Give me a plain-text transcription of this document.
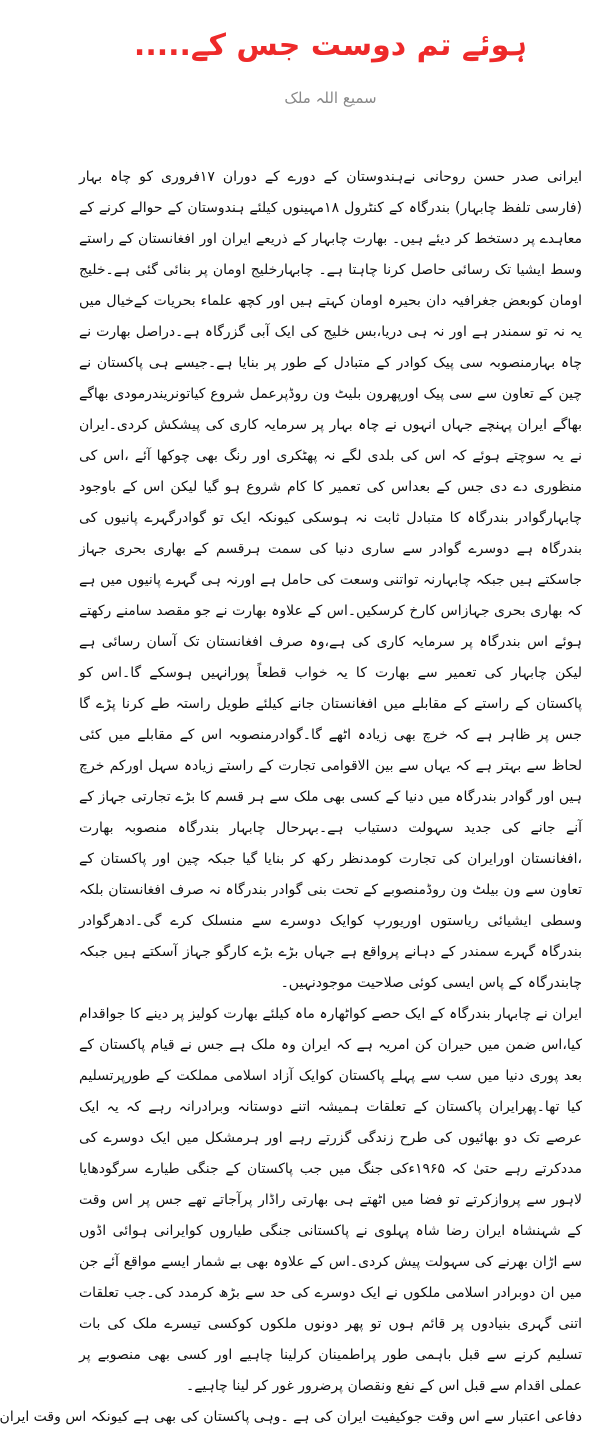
ہوئے تم دوست جس کے.....
سمیع اللہ ملک

ایرانی صدر حسن روحانی نےہندوستان کے دورے کے دوران ۱۷فروری کو چاہ بہار (فارسی تلفظ چابہار) بندرگاہ کے کنٹرول ۱۸مہینوں کیلئے ہندوستان کے حوالے کرنے کے معاہدے پر دستخط کر دیئے ہیں۔ بھارت چابہار کے ذریعے ایران اور افغانستان کے راستے وسط ایشیا تک رسائی حاصل کرنا چاہتا ہے۔ چابہارخلیج اومان پر بنائی گئی ہے۔خلیج اومان کوبعض جغرافیہ دان بحیرہ اومان کہتے ہیں اور کچھ علماء بحریات کےخیال میں یہ نہ تو سمندر ہے اور نہ ہی دریا،بس خلیج کی ایک آبی گزرگاہ ہے۔دراصل بھارت نے چاہ بہارمنصوبہ سی پیک کوادر کے متبادل کے طور پر بنایا ہے۔جیسے ہی پاکستان نے چین کے تعاون سے سی پیک اورپھرون بلیٹ ون روڈپرعمل شروع کیاتونریندرمودی بھاگے بھاگے ایران پہنچے جہاں انہوں نے چاہ بہار پر سرمایہ کاری کی پیشکش کردی۔ایران نے یہ سوچتے ہوئے کہ اس کی بلدی لگے نہ پھٹکری اور رنگ بھی چوکھا آئے ،اس کی منظوری دے دی جس کے بعداس کی تعمیر کا کام شروع ہو گیا لیکن اس کے باوجود چابہارگوادر بندرگاہ کا متبادل ثابت نہ ہوسکی کیونکہ ایک تو گوادرگہرے پانیوں کی بندرگاہ ہے دوسرے گوادر سے ساری دنیا کی سمت ہرقسم کے بھاری بحری جہاز جاسکتے ہیں جبکہ چابہارنہ تواتنی وسعت کی حامل ہے اورنہ ہی گہرے پانیوں میں ہے کہ بھاری بحری جہازاس کارخ کرسکیں۔اس کے علاوہ بھارت نے جو مقصد سامنے رکھتے ہوئے اس بندرگاہ پر سرمایہ کاری کی ہے،وہ صرف افغانستان تک آسان رسائی ہے لیکن چابہار کی تعمیر سے بھارت کا یہ خواب قطعاً پورانہیں ہوسکے گا۔اس کو پاکستان کے راستے کے مقابلے میں افغانستان جانے کیلئے طویل راستہ طے کرنا پڑے گا جس پر ظاہر ہے کہ خرچ بھی زیادہ اٹھے گا۔گوادرمنصوبہ اس کے مقابلے میں کئی لحاظ سے بہتر ہے کہ یہاں سے بین الاقوامی تجارت کے راستے زیادہ سہل اورکم خرچ ہیں اور گوادر بندرگاہ میں دنیا کے کسی بھی ملک سے ہر قسم کا بڑے تجارتی جہاز کے آنے جانے کی جدید سہولت دستیاب ہے۔بہرحال چابہار بندرگاہ منصوبہ بھارت ،افغانستان اورایران کی تجارت کومدنظر رکھ کر بنایا گیا جبکہ چین اور پاکستان کے تعاون سے ون بیلٹ ون روڈمنصوبے کے تحت بنی گوادر بندرگاہ نہ صرف افغانستان بلکہ وسطی ایشیائی ریاستوں اوریورپ کوایک دوسرے سے منسلک کرے گی۔ادھرگوادر بندرگاہ گہرے سمندر کے دہانے پرواقع ہے جہاں بڑے بڑے کارگو جہاز آسکتے ہیں جبکہ چابندرگاہ کے پاس ایسی کوئی صلاحیت موجودنہیں۔

ایران نے چابہار بندرگاہ کے ایک حصے کواٹھارہ ماہ کیلئے بھارت کولیز پر دینے کا جواقدام کیا،اس ضمن میں حیران کن امریہ ہے کہ ایران وہ ملک ہے جس نے قیام پاکستان کے بعد پوری دنیا میں سب سے پہلے پاکستان کوایک آزاد اسلامی مملکت کے طورپرتسلیم کیا تھا۔پھرایران پاکستان کے تعلقات ہمیشہ اتنے دوستانہ وبرادرانہ رہے کہ یہ ایک عرصے تک دو بھائیوں کی طرح زندگی گزرتے رہے اور ہرمشکل میں ایک دوسرے کی مددکرتے رہے حتیٰ کہ ۱۹۶۵ءکی جنگ میں جب پاکستان کے جنگی طیارے سرگودھایا لاہور سے پروازکرتے تو فضا میں اٹھتے ہی بھارتی راڈار پرآجاتے تھے جس پر اس وقت کے شہنشاہ ایران رضا شاہ پہلوی نے پاکستانی جنگی طیاروں کوایرانی ہوائی اڈوں سے اڑان بھرنے کی سہولت پیش کردی۔اس کے علاوہ بھی بے شمار ایسے مواقع آئے جن میں ان دوبرادر اسلامی ملکوں نے ایک دوسرے کی حد سے بڑھ کرمدد کی۔جب تعلقات اتنی گہری بنیادوں پر قائم ہوں تو پھر دونوں ملکوں کوکسی تیسرے ملک کی بات تسلیم کرنے سے قبل باہمی طور پراطمینان کرلینا چاہیے اور کسی بھی منصوبے پر عملی اقدام سے قبل اس کے نفع ونقصان پرضرور غور کر لینا چاہیے۔

دفاعی اعتبار سے اس وقت جوکیفیت ایران کی ہے ۔وہی پاکستان کی بھی ہے کیونکہ اس وقت ایران
